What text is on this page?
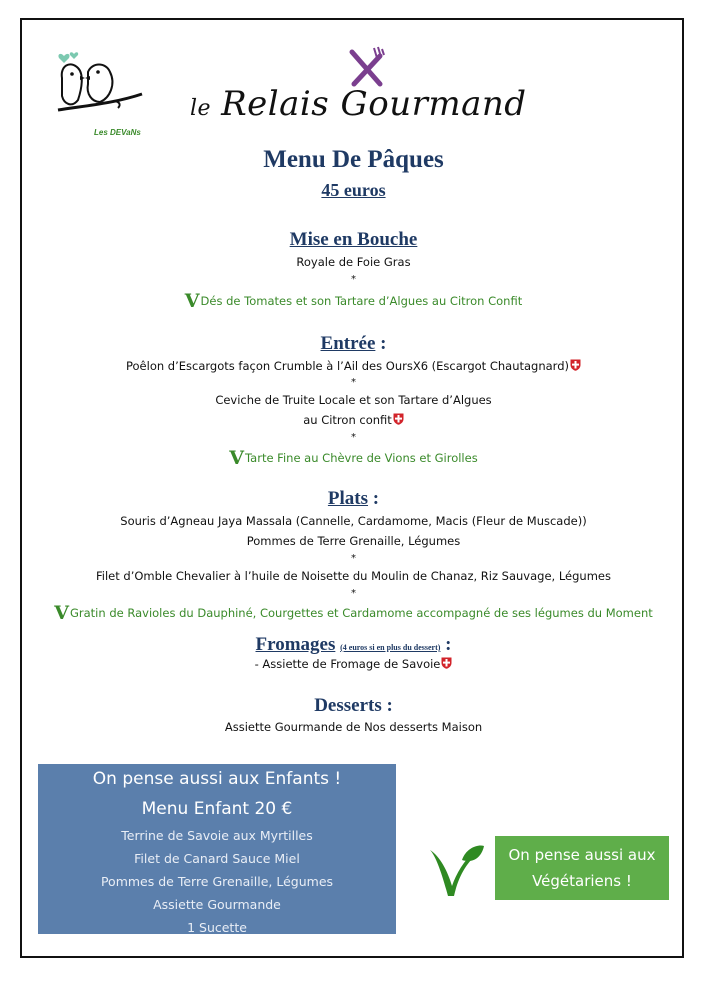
Les DEVaNs
le Relais Gourmand
Menu De Pâques
45 euros
Mise en Bouche
Royale de Foie Gras
*
VDés de Tomates et son Tartare d’Algues au Citron Confit
Entrée :
Poêlon d’Escargots façon Crumble à l’Ail des OursX6 (Escargot Chautagnard)
*
Ceviche de Truite Locale et son Tartare d’Algues
au Citron confit
*
VTarte Fine au Chèvre de Vions et Girolles
Plats :
Souris d’Agneau Jaya Massala (Cannelle, Cardamome, Macis (Fleur de Muscade))
Pommes de Terre Grenaille, Légumes
*
Filet d’Omble Chevalier à l’huile de Noisette du Moulin de Chanaz, Riz Sauvage, Légumes
*
VGratin de Ravioles du Dauphiné, Courgettes et Cardamome accompagné de ses légumes du Moment
Fromages (4 euros si en plus du dessert) :
- Assiette de Fromage de Savoie
Desserts :
Assiette Gourmande de Nos desserts Maison
On pense aussi aux Enfants !
Menu Enfant 20 €
Terrine de Savoie aux Myrtilles
Filet de Canard Sauce Miel
Pommes de Terre Grenaille, Légumes
Assiette Gourmande
1 Sucette
On pense aussi aux
Végétariens !
